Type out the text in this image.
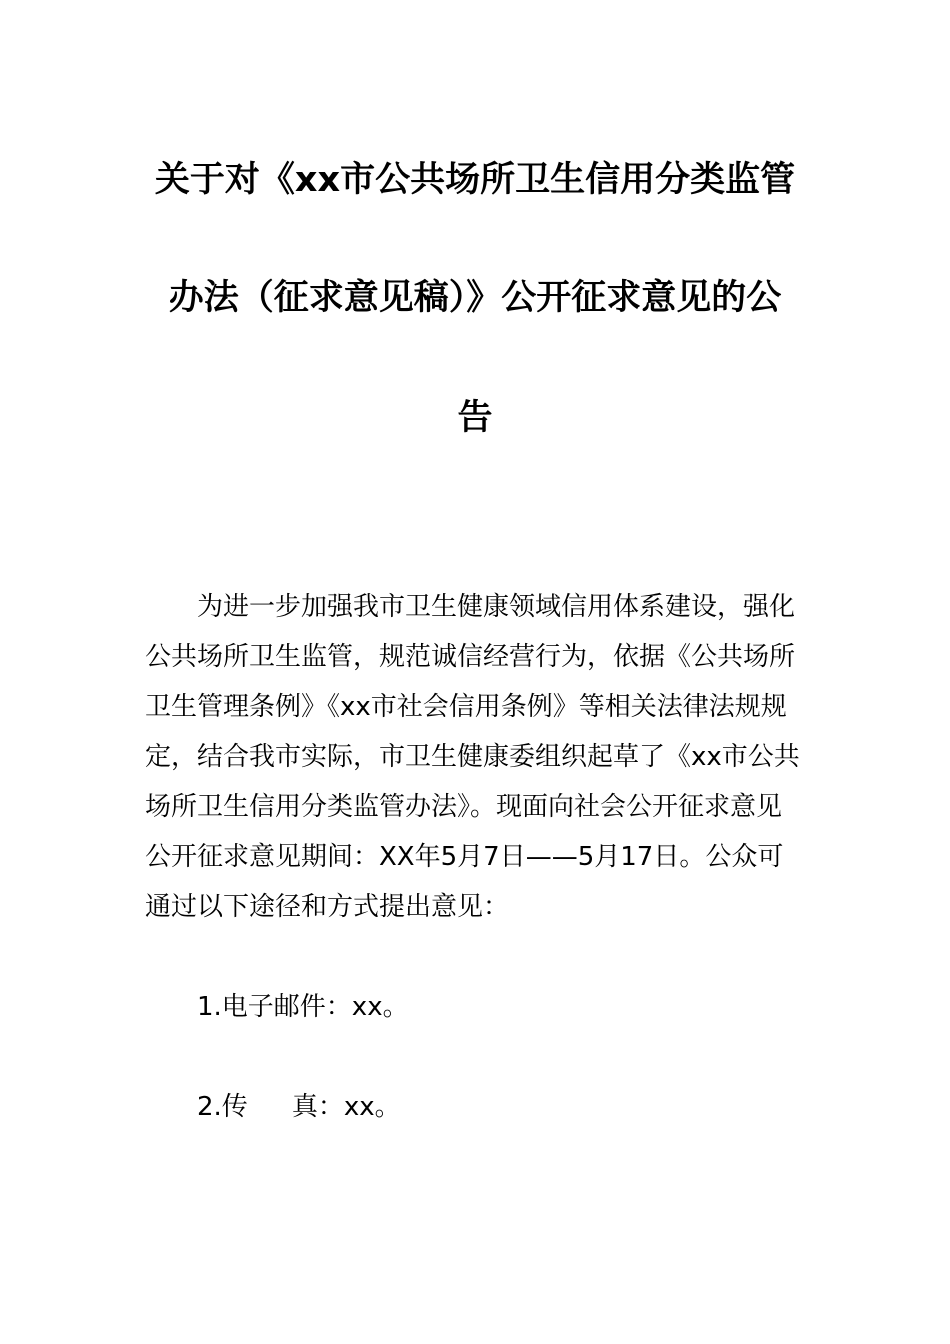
关于对《xx市公共场所卫生信用分类监管
办法（征求意见稿）》公开征求意见的公
告
为进一步加强我市卫生健康领域信用体系建设，强化
公共场所卫生监管，规范诚信经营行为，依据《公共场所
卫生管理条例》《xx市社会信用条例》等相关法律法规规
定，结合我市实际，市卫生健康委组织起草了《xx市公共
场所卫生信用分类监管办法》。现面向社会公开征求意见
公开征求意见期间：XX年5月7日——5月17日。公众可
通过以下途径和方式提出意见：
1.电子邮件：xx。
2.传 真：xx。
